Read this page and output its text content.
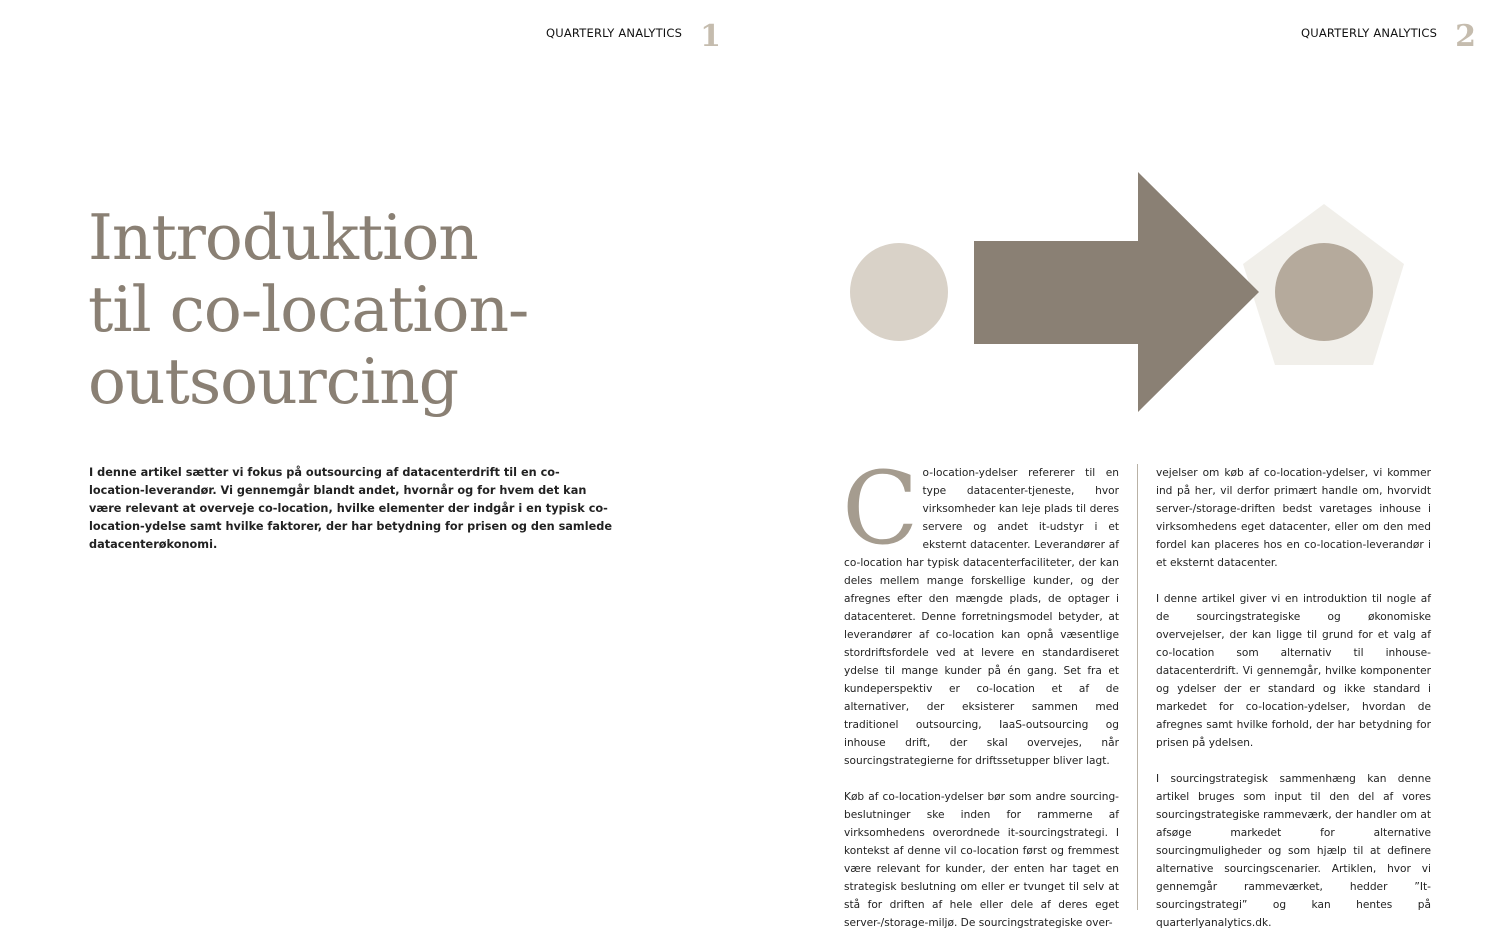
QUARTERLY ANALYTICS 1	QUARTERLY ANALYTICS 2
Introduktion
til co-location-
outsourcing

I denne artikel sætter vi fokus på outsourcing af datacenterdrift til en co-location-leverandør. Vi gennemgår blandt andet, hvornår og for hvem det kan være relevant at overveje co-location, hvilke elementer der indgår i en typisk co-location-ydelse samt hvilke faktorer, der har betydning for prisen og den samlede datacenterøkonomi.	Co-location-ydelser refererer til en type datacenter-tjeneste, hvor virksomheder kan leje plads til deres servere og andet it-udstyr i et eksternt datacenter. Leverandører af co-location har typisk datacenterfaciliteter, der kan deles mellem mange forskellige kunder, og der afregnes efter den mængde plads, de optager i datacenteret. Denne forretningsmodel betyder, at leverandører af co-location kan opnå væsentlige stordriftsfordele ved at levere en standardiseret ydelse til mange kunder på én gang. Set fra et kundeperspektiv er co-location et af de alternativer, der eksisterer sammen med traditionel outsourcing, IaaS-outsourcing og inhouse drift, der skal overvejes, når sourcingstrategierne for driftssetupper bliver lagt.

Køb af co-location-ydelser bør som andre sourcing-beslutninger ske inden for rammerne af virksomhedens overordnede it-sourcingstrategi. I kontekst af denne vil co-location først og fremmest være relevant for kunder, der enten har taget en strategisk beslutning om eller er tvunget til selv at stå for driften af hele eller dele af deres eget server-/storage-miljø. De sourcingstrategiske over-

vejelser om køb af co-location-ydelser, vi kommer ind på her, vil derfor primært handle om, hvorvidt server-/storage-driften bedst varetages inhouse i virksomhedens eget datacenter, eller om den med fordel kan placeres hos en co-location-leverandør i et eksternt datacenter.

I denne artikel giver vi en introduktion til nogle af de sourcingstrategiske og økonomiske overvejelser, der kan ligge til grund for et valg af co-location som alternativ til inhouse-datacenterdrift. Vi gennemgår, hvilke komponenter og ydelser der er standard og ikke standard i markedet for co-location-ydelser, hvordan de afregnes samt hvilke forhold, der har betydning for prisen på ydelsen.

I sourcingstrategisk sammenhæng kan denne artikel bruges som input til den del af vores sourcingstrategiske rammeværk, der handler om at afsøge markedet for alternative sourcingmuligheder og som hjælp til at definere alternative sourcingscenarier. Artiklen, hvor vi gennemgår rammeværket, hedder ”It-sourcingstrategi” og kan hentes på quarterlyanalytics.dk.
